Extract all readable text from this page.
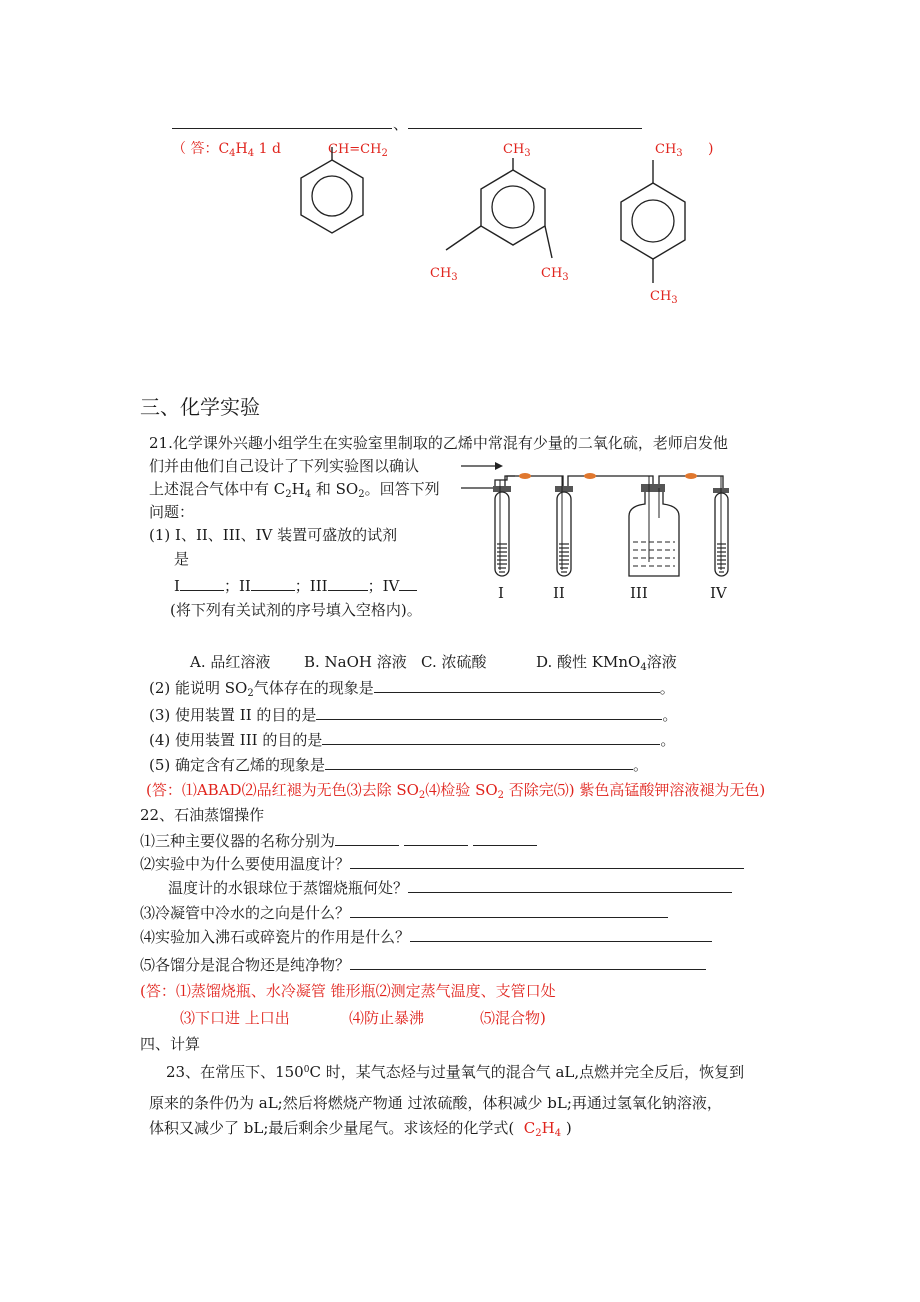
、
（ 答：$C_4H_4$ 1 d	)
$CH=CH_2$	$CH_3$
$CH_3$	$CH_3$
$CH_3$
$CH_3$
三、化学实验
21.化学课外兴趣小组学生在实验室里制取的乙烯中常混有少量的二氧化硫，老师启发他
们并由他们自己设计了下列实验图以确认
上述混合气体中有 $C_2H_4$ 和 $SO_2$。回答下列
问题：
(1) I、II、III、IV 装置可盛放的试剂
是
I	；II	；III	；IV
(将下列有关试剂的序号填入空格内)。
I	II	III	IV
A. 品红溶液 B. NaOH 溶液 C. 浓硫酸	D. 酸性 KMnO$_4$溶液
(2) 能说明 $SO_2$气体存在的现象是	。
(3) 使用装置 II 的目的是	。
(4) 使用装置 III 的目的是	。
(5) 确定含有乙烯的现象是	。
(答：⑴ABAD⑵品红褪为无色⑶去除 $SO_2⑷$检验 $SO_2$ 否除完⑸) 紫色高锰酸钾溶液褪为无色)
22、石油蒸馏操作
⑴三种主要仪器的名称分别为
⑵实验中为什么要使用温度计？
温度计的水银球位于蒸馏烧瓶何处？
⑶冷凝管中冷水的之向是什么？
⑷实验加入沸石或碎瓷片的作用是什么？
⑸各馏分是混合物还是纯净物？
(答：⑴蒸馏烧瓶、水冷凝管 锥形瓶⑵测定蒸气温度、支管口处
⑶下口进 上口出	⑷防止暴沸	⑸混合物)
四、计算
23、在常压下、$150^0C$ 时，某气态烃与过量氧气的混合气 aL,点燃并完全反后，恢复到
原来的条件仍为 aL;然后将燃烧产物通 过浓硫酸，体积减少 bL;再通过氢氧化钠溶液，
体积又减少了 bL;最后剩余少量尾气。求该烃的化学式( $C_2H_4$ )
